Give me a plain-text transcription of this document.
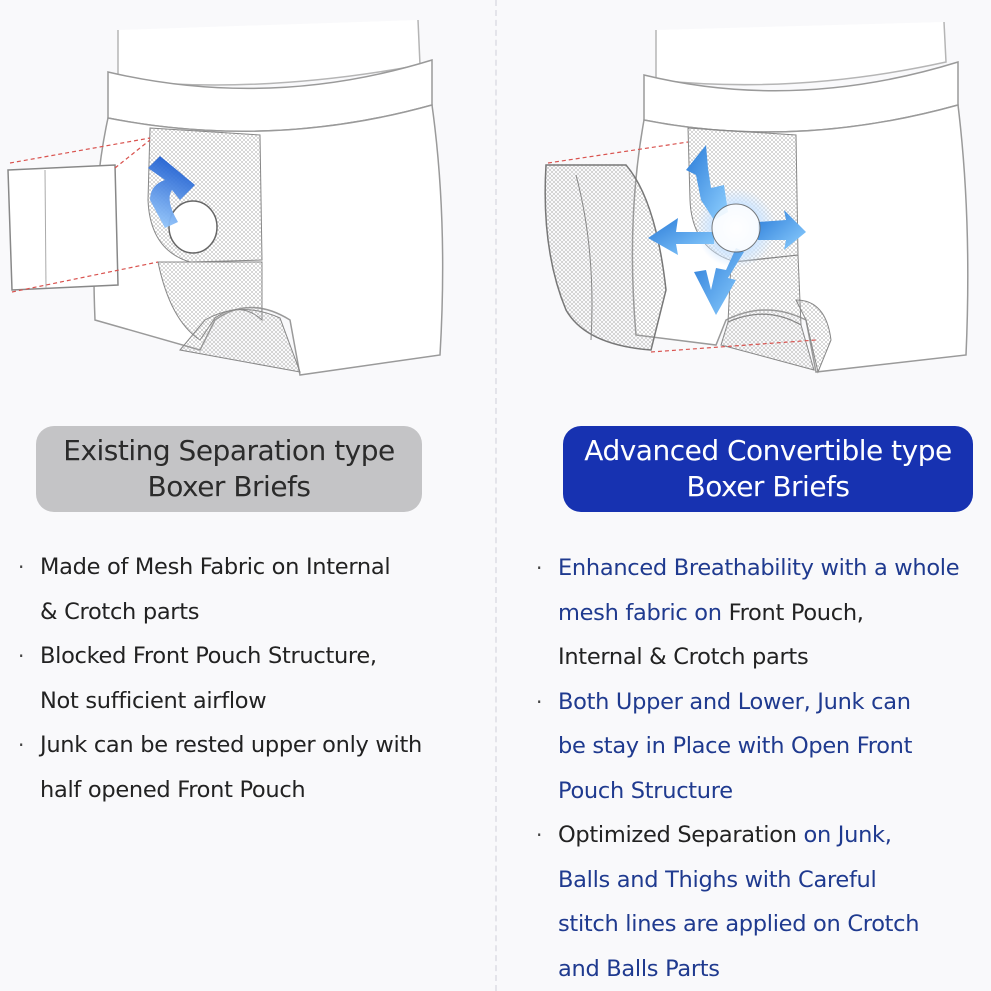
Existing Separation type
Boxer Briefs
Advanced Convertible type
Boxer Briefs
· Made of Mesh Fabric on Internal
& Crotch parts
· Blocked Front Pouch Structure,
Not sufficient airflow
· Junk can be rested upper only with
half opened Front Pouch
· Enhanced Breathability with a whole
mesh fabric on Front Pouch,
Internal & Crotch parts
· Both Upper and Lower, Junk can
be stay in Place with Open Front
Pouch Structure
· Optimized Separation on Junk,
Balls and Thighs with Careful
stitch lines are applied on Crotch
and Balls Parts
